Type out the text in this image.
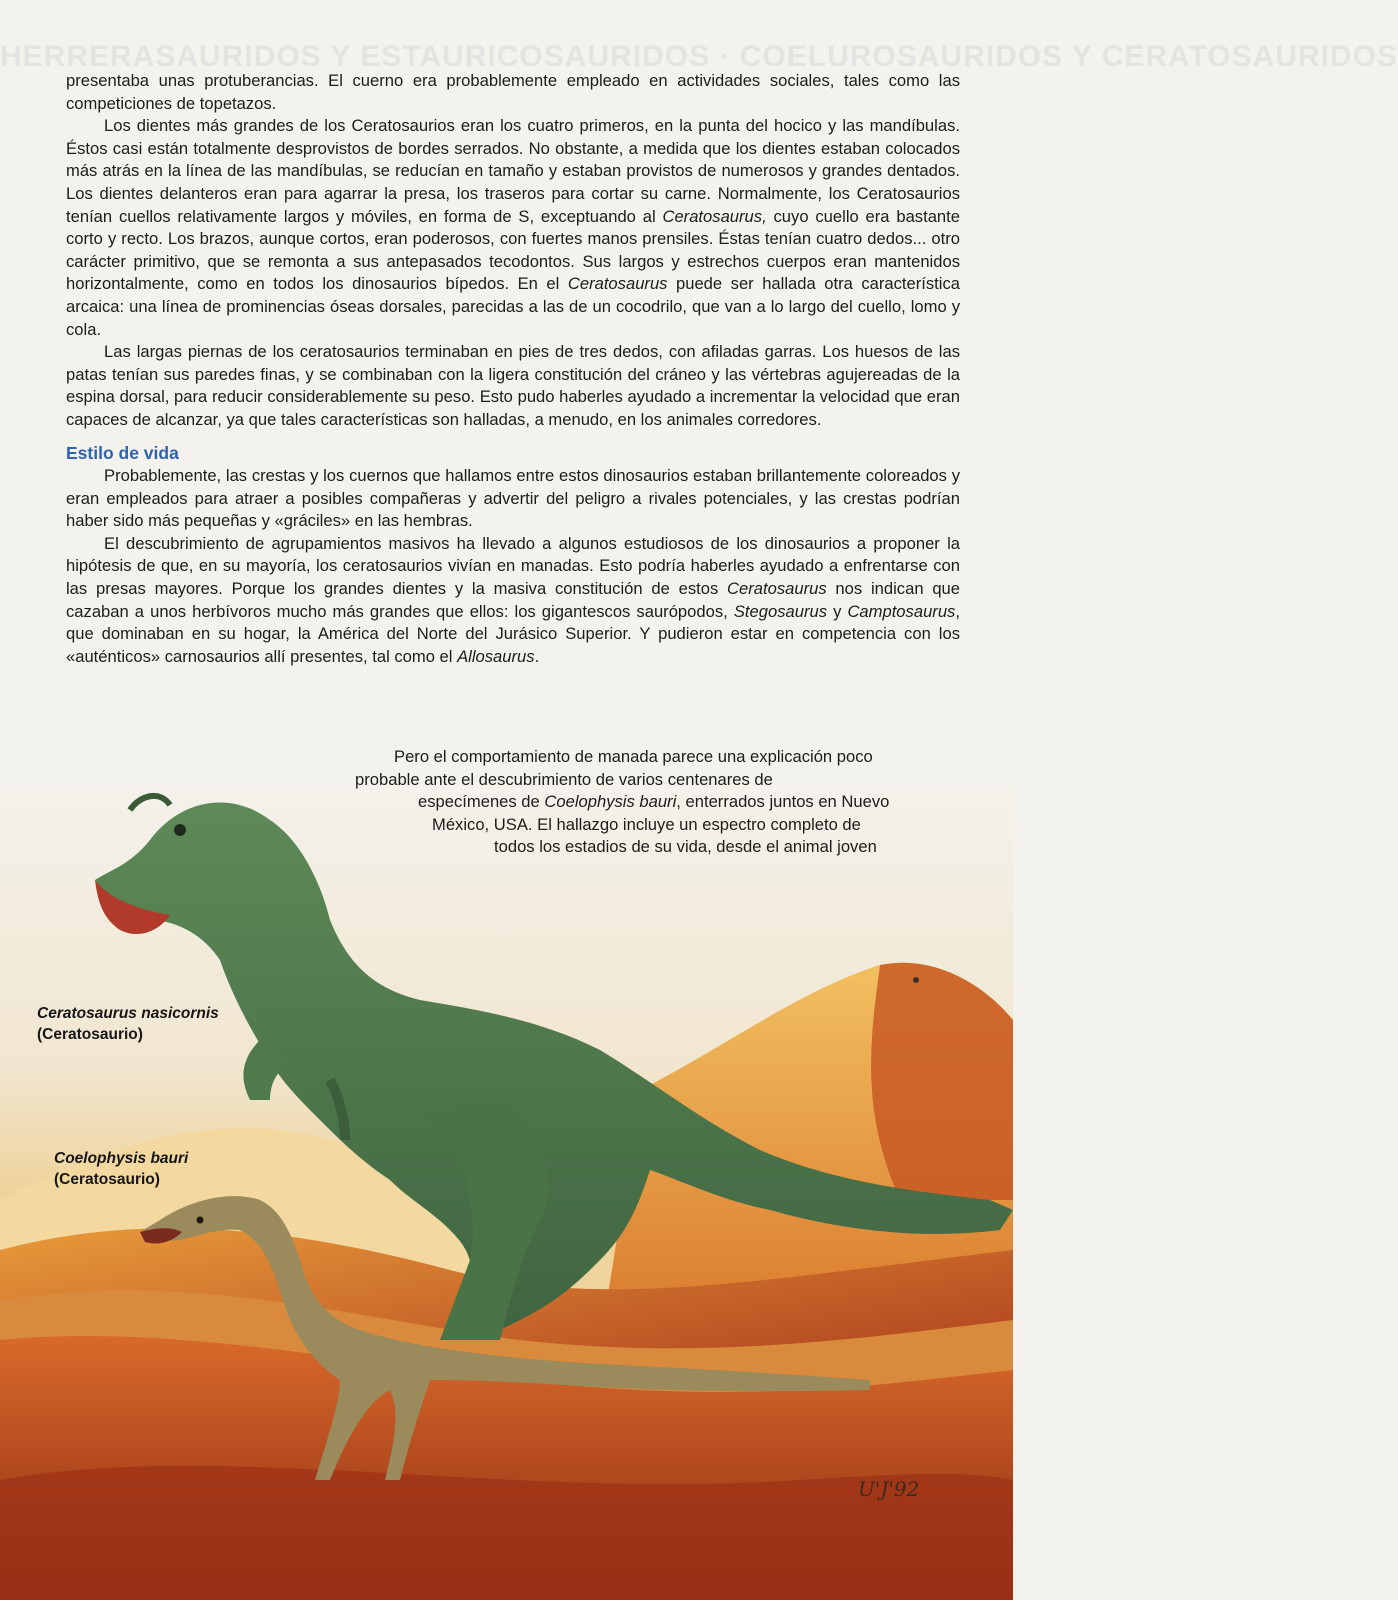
HERRERASAURIDOS Y ESTAURICOSAURIDOS · COELUROSAURIDOS Y CERATOSAURIDOS

presentaba unas protuberancias. El cuerno era probablemente empleado en actividades sociales, tales como las competiciones de topetazos.

Los dientes más grandes de los Ceratosaurios eran los cuatro primeros, en la punta del hocico y las mandíbulas. Éstos casi están totalmente desprovistos de bordes serrados. No obstante, a medida que los dientes estaban colocados más atrás en la línea de las mandíbulas, se reducían en tamaño y estaban provistos de numerosos y grandes dentados. Los dientes delanteros eran para agarrar la presa, los traseros para cortar su carne. Normalmente, los Ceratosaurios tenían cuellos relativamente largos y móviles, en forma de S, exceptuando al Ceratosaurus, cuyo cuello era bastante corto y recto. Los brazos, aunque cortos, eran poderosos, con fuertes manos prensiles. Éstas tenían cuatro dedos... otro carácter primitivo, que se remonta a sus antepasados tecodontos. Sus largos y estrechos cuerpos eran mantenidos horizontalmente, como en todos los dinosaurios bípedos. En el Ceratosaurus puede ser hallada otra característica arcaica: una línea de prominencias óseas dorsales, parecidas a las de un cocodrilo, que van a lo largo del cuello, lomo y cola.

Las largas piernas de los ceratosaurios terminaban en pies de tres dedos, con afiladas garras. Los huesos de las patas tenían sus paredes finas, y se combinaban con la ligera constitución del cráneo y las vértebras agujereadas de la espina dorsal, para reducir considerablemente su peso. Esto pudo haberles ayudado a incrementar la velocidad que eran capaces de alcanzar, ya que tales características son halladas, a menudo, en los animales corredores.

Estilo de vida

Probablemente, las crestas y los cuernos que hallamos entre estos dinosaurios estaban brillantemente coloreados y eran empleados para atraer a posibles compañeras y advertir del peligro a rivales potenciales, y las crestas podrían haber sido más pequeñas y «gráciles» en las hembras.

El descubrimiento de agrupamientos masivos ha llevado a algunos estudiosos de los dinosaurios a proponer la hipótesis de que, en su mayoría, los ceratosaurios vivían en manadas. Esto podría haberles ayudado a enfrentarse con las presas mayores. Porque los grandes dientes y la masiva constitución de estos Ceratosaurus nos indican que cazaban a unos herbívoros mucho más grandes que ellos: los gigantescos saurópodos, Stegosaurus y Camptosaurus, que dominaban en su hogar, la América del Norte del Jurásico Superior. Y pudieron estar en competencia con los «auténticos» carnosaurios allí presentes, tal como el Allosaurus.

Pero el comportamiento de manada parece una explicación poco
probable ante el descubrimiento de varios centenares de
especímenes de Coelophysis bauri, enterrados juntos en Nuevo
México, USA. El hallazgo incluye un espectro completo de
todos los estadios de su vida, desde el animal joven
Ceratosaurus nasicornis
(Ceratosaurio)
Coelophysis bauri
(Ceratosaurio)
U'J'92
